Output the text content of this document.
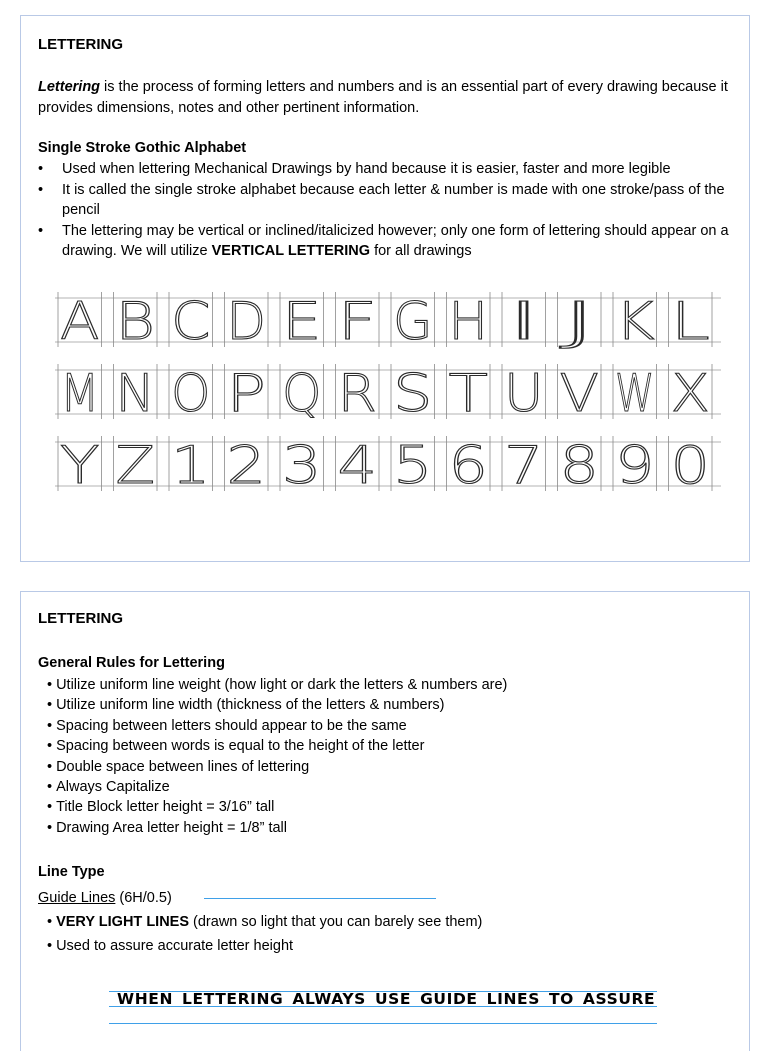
LETTERING
Lettering is the process of forming letters and numbers and is an essential part of every drawing because it provides dimensions, notes and other pertinent information.
Single Stroke Gothic Alphabet
• Used when lettering Mechanical Drawings by hand because it is easier, faster and more legible
• It is called the single stroke alphabet because each letter & number is made with one stroke/pass of the pencil
• The lettering may be vertical or inclined/italicized however; only one form of lettering should appear on a drawing. We will utilize VERTICAL LETTERING for all drawings
A B C D E F G H I J K L
M N O P Q R S T U V W X
Y Z 1 2 3 4 5 6 7 8 9 0
LETTERING
General Rules for Lettering
• Utilize uniform line weight (how light or dark the letters & numbers are)
• Utilize uniform line width (thickness of the letters & numbers)
• Spacing between letters should appear to be the same
• Spacing between words is equal to the height of the letter
• Double space between lines of lettering
• Always Capitalize
• Title Block letter height = 3/16” tall
• Drawing Area letter height = 1/8” tall
Line Type
Guide Lines (6H/0.5)
• VERY LIGHT LINES (drawn so light that you can barely see them)
• Used to assure accurate letter height
WHEN LETTERING ALWAYS USE GUIDE LINES TO ASSURE
